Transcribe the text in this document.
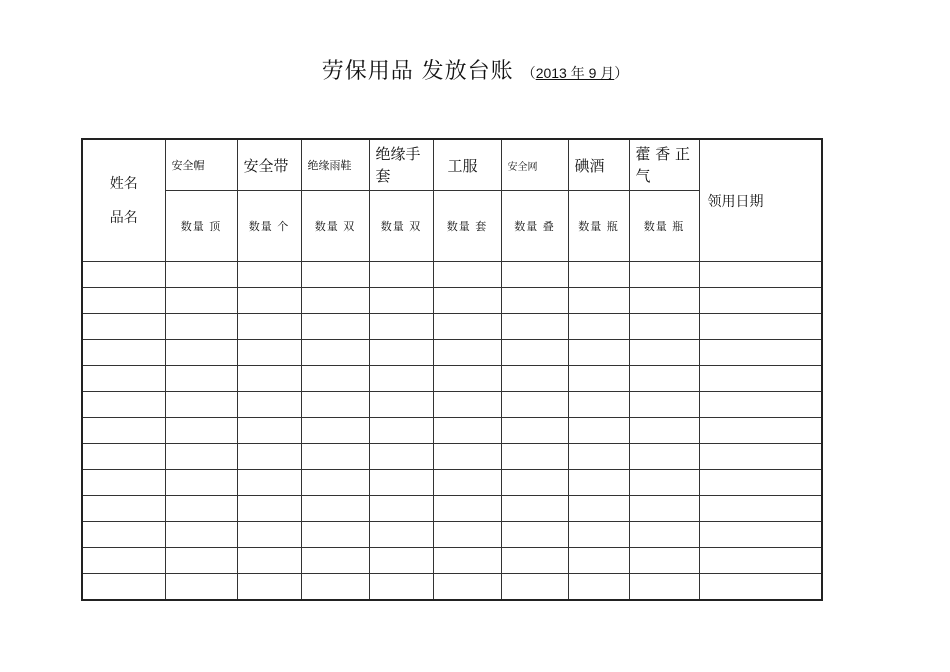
劳保用品 发放台账 （2013 年 9 月）
姓名
品名	安全帽	安全带	绝缘雨鞋	绝缘手套	工服	安全网	碘酒	藿 香 正 气	领用日期
	数量 顶	数量 个	数量 双	数量 双	数量 套	数量 叠	数量 瓶	数量 瓶	
